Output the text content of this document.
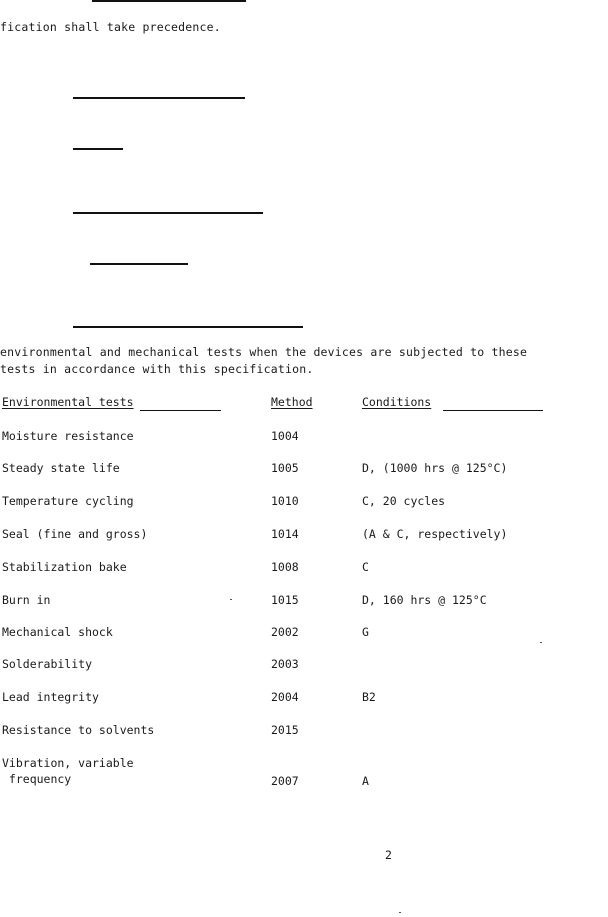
fication shall take precedence.
environmental and mechanical tests when the devices are subjected to these
tests in accordance with this specification.
Environmental tests	Method	Conditions
Moisture resistance	1004
Steady state life	1005	D, (1000 hrs @ 125°C)
Temperature cycling	1010	C, 20 cycles
Seal (fine and gross)	1014	(A & C, respectively)
Stabilization bake	1008	C
Burn in	1015	D, 160 hrs @ 125°C
Mechanical shock	2002	G
Solderability	2003
Lead integrity	2004	B2
Resistance to solvents	2015
Vibration, variable
frequency	2007	A
2
